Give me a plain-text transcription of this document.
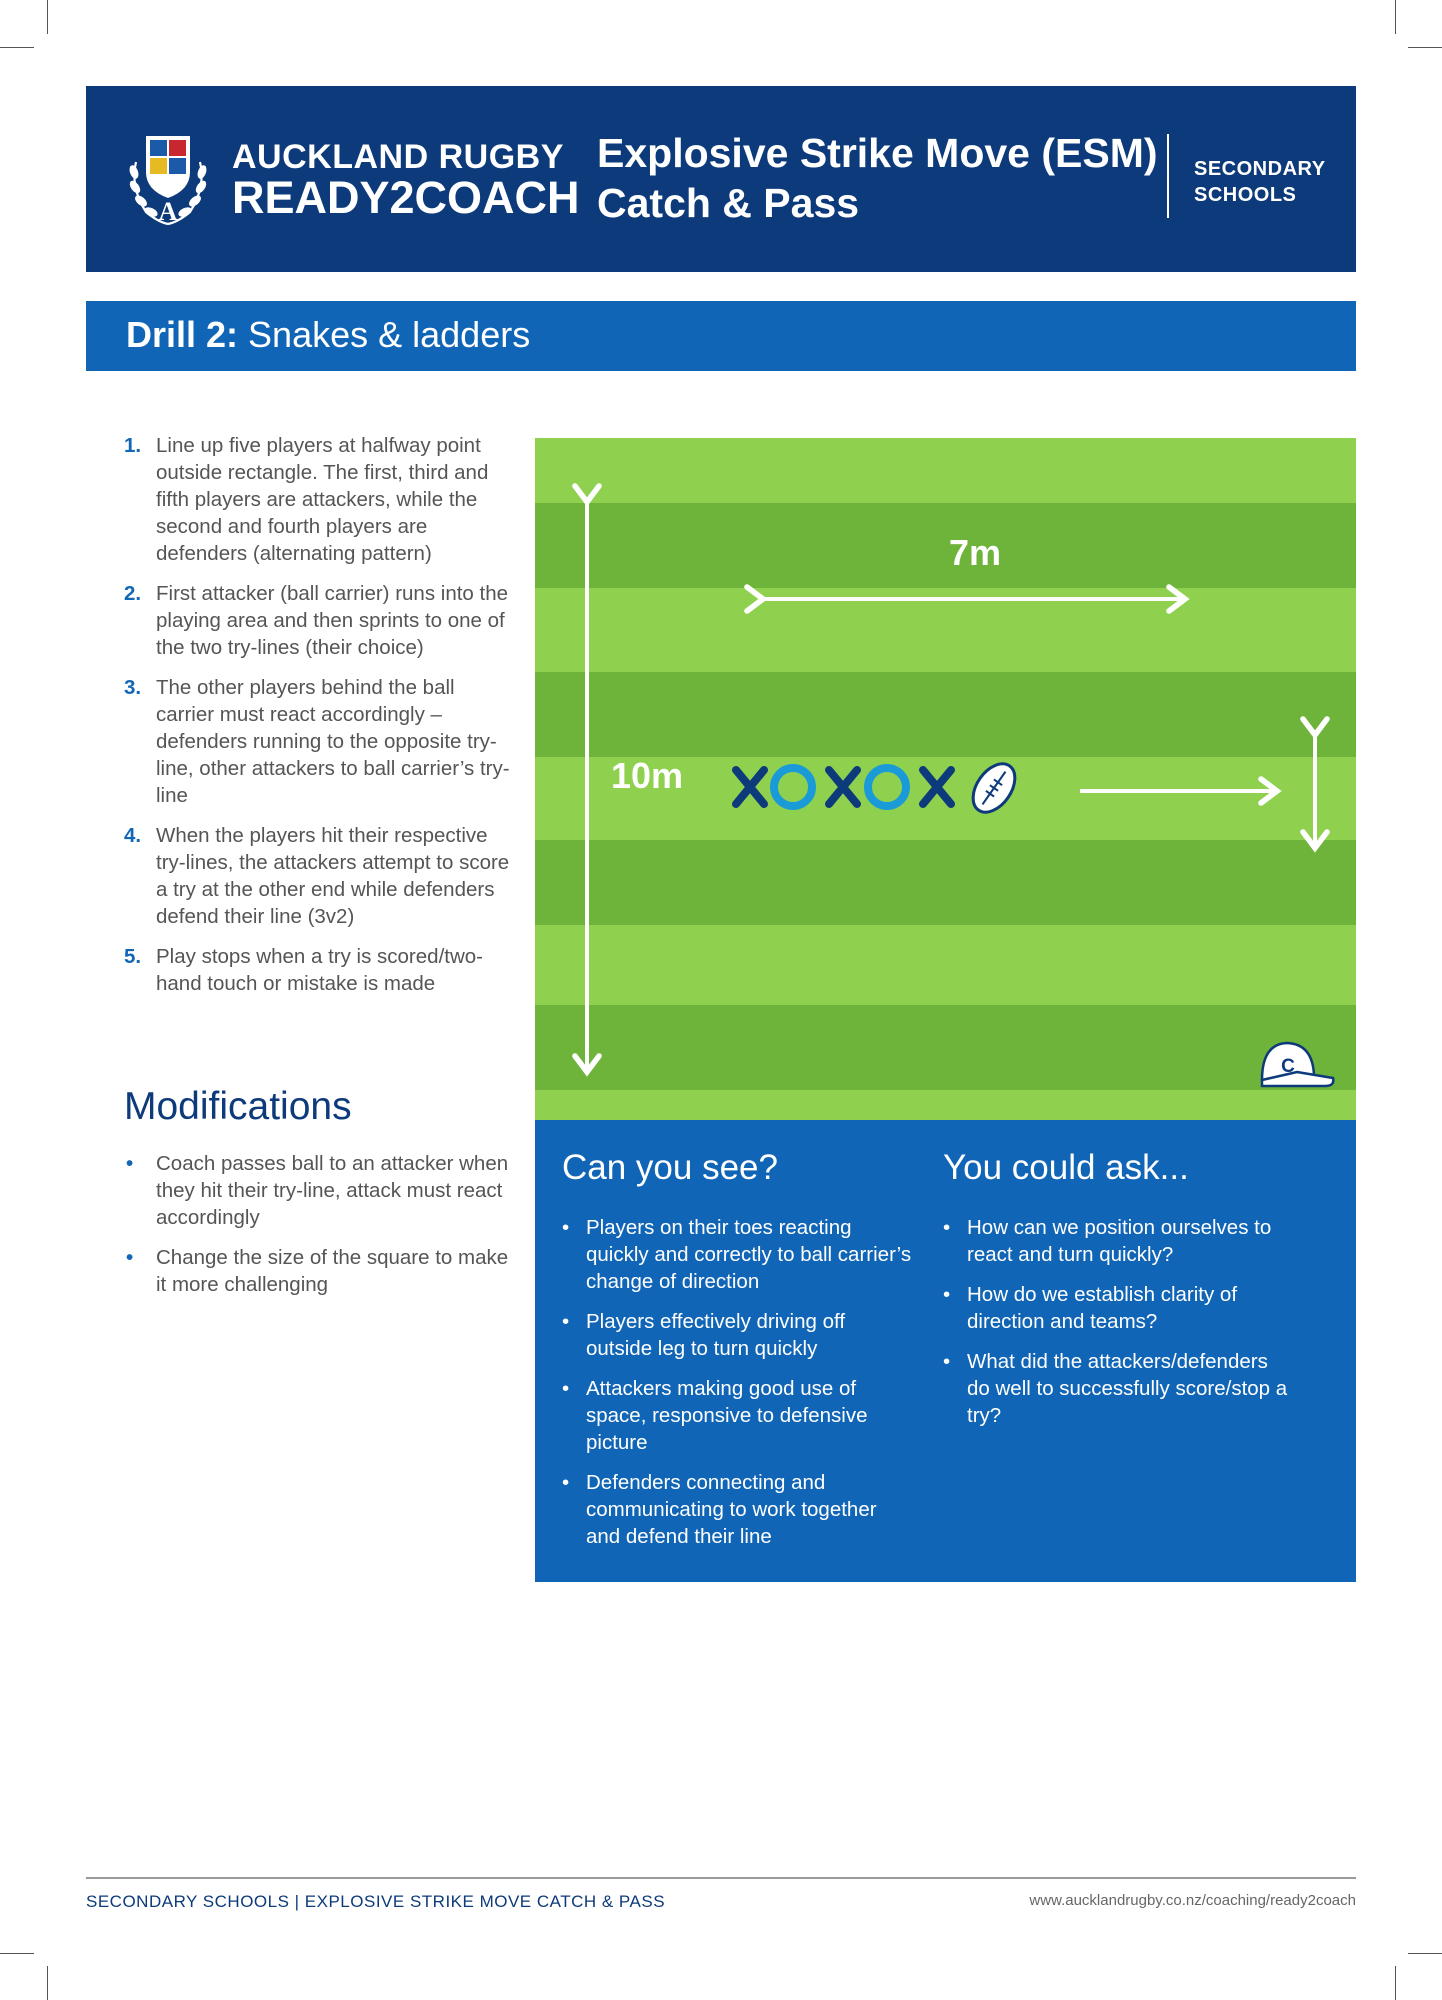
A
AUCKLAND RUGBY
READY2COACH
Explosive Strike Move (ESM)
Catch & Pass
SECONDARY
SCHOOLS
Drill 2: Snakes & ladders
1. Line up five players at halfway point outside rectangle. The first, third and fifth players are attackers, while the second and fourth players are defenders (alternating pattern)
2. First attacker (ball carrier) runs into the playing area and then sprints to one of the two try-lines (their choice)
3. The other players behind the ball carrier must react accordingly – defenders running to the opposite try-line, other attackers to ball carrier’s try-line
4. When the players hit their respective try-lines, the attackers attempt to score a try at the other end while defenders defend their line (3v2)
5. Play stops when a try is scored/two-hand touch or mistake is made
Modifications
• Coach passes ball to an attacker when they hit their try-line, attack must react accordingly
• Change the size of the square to make it more challenging
7m
10m
C
Can you see?
• Players on their toes reacting quickly and correctly to ball carrier’s change of direction
• Players effectively driving off outside leg to turn quickly
• Attackers making good use of space, responsive to defensive picture
• Defenders connecting and communicating to work together and defend their line
You could ask...
• How can we position ourselves to react and turn quickly?
• How do we establish clarity of direction and teams?
• What did the attackers/defenders do well to successfully score/stop a try?
SECONDARY SCHOOLS | EXPLOSIVE STRIKE MOVE CATCH & PASS	www.aucklandrugby.co.nz/coaching/ready2coach
